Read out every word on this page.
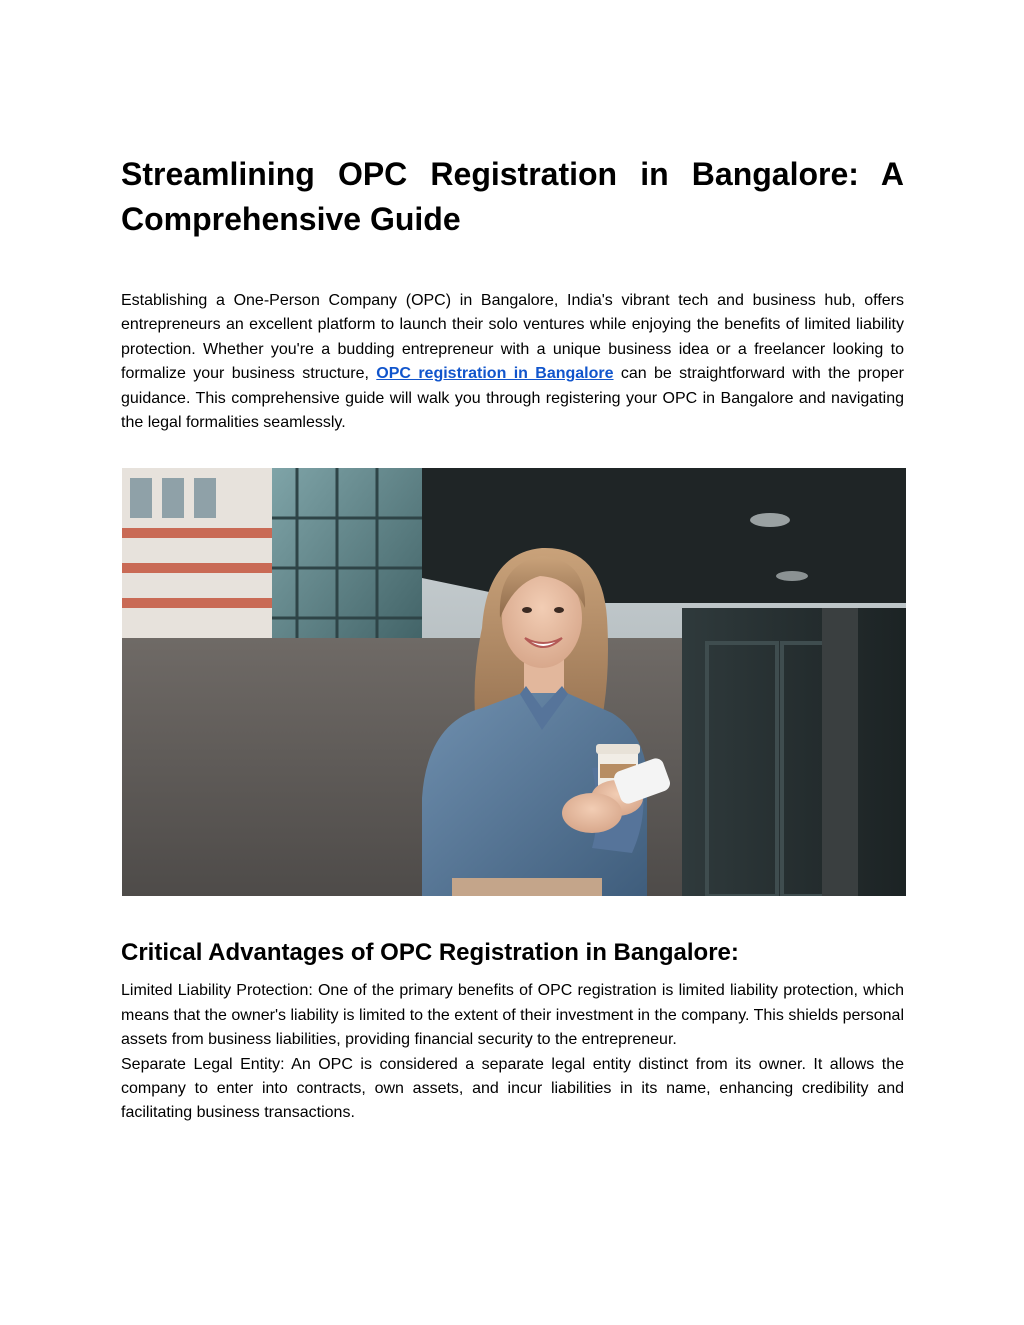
Streamlining OPC Registration in Bangalore: A Comprehensive Guide

Establishing a One-Person Company (OPC) in Bangalore, India's vibrant tech and business hub, offers entrepreneurs an excellent platform to launch their solo ventures while enjoying the benefits of limited liability protection. Whether you're a budding entrepreneur with a unique business idea or a freelancer looking to formalize your business structure, OPC registration in Bangalore can be straightforward with the proper guidance. This comprehensive guide will walk you through registering your OPC in Bangalore and navigating the legal formalities seamlessly.

Critical Advantages of OPC Registration in Bangalore:

Limited Liability Protection: One of the primary benefits of OPC registration is limited liability protection, which means that the owner's liability is limited to the extent of their investment in the company. This shields personal assets from business liabilities, providing financial security to the entrepreneur.

Separate Legal Entity: An OPC is considered a separate legal entity distinct from its owner. It allows the company to enter into contracts, own assets, and incur liabilities in its name, enhancing credibility and facilitating business transactions.
